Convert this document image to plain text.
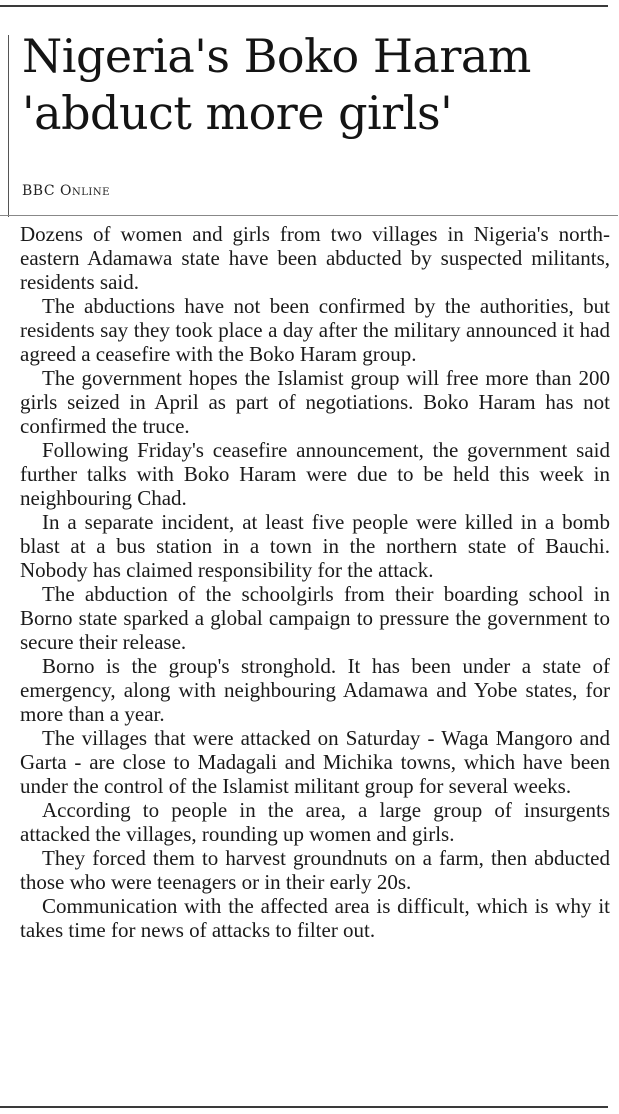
Nigeria's Boko Haram
'abduct more girls'
BBC Online

Dozens of women and girls from two villages in Nigeria's north-eastern Adamawa state have been abducted by suspected militants, residents said.

The abductions have not been confirmed by the authorities, but residents say they took place a day after the military announced it had agreed a ceasefire with the Boko Haram group.

The government hopes the Islamist group will free more than 200 girls seized in April as part of negotiations. Boko Haram has not confirmed the truce.

Following Friday's ceasefire announcement, the government said further talks with Boko Haram were due to be held this week in neighbouring Chad.

In a separate incident, at least five people were killed in a bomb blast at a bus station in a town in the northern state of Bauchi. Nobody has claimed responsibility for the attack.

The abduction of the schoolgirls from their boarding school in Borno state sparked a global campaign to pressure the government to secure their release.

Borno is the group's stronghold. It has been under a state of emergency, along with neighbouring Adamawa and Yobe states, for more than a year.

The villages that were attacked on Saturday - Waga Mangoro and Garta - are close to Madagali and Michika towns, which have been under the control of the Islamist militant group for several weeks.

According to people in the area, a large group of insurgents attacked the villages, rounding up women and girls.

They forced them to harvest groundnuts on a farm, then abducted those who were teenagers or in their early 20s.

Communication with the affected area is difficult, which is why it takes time for news of attacks to filter out.
